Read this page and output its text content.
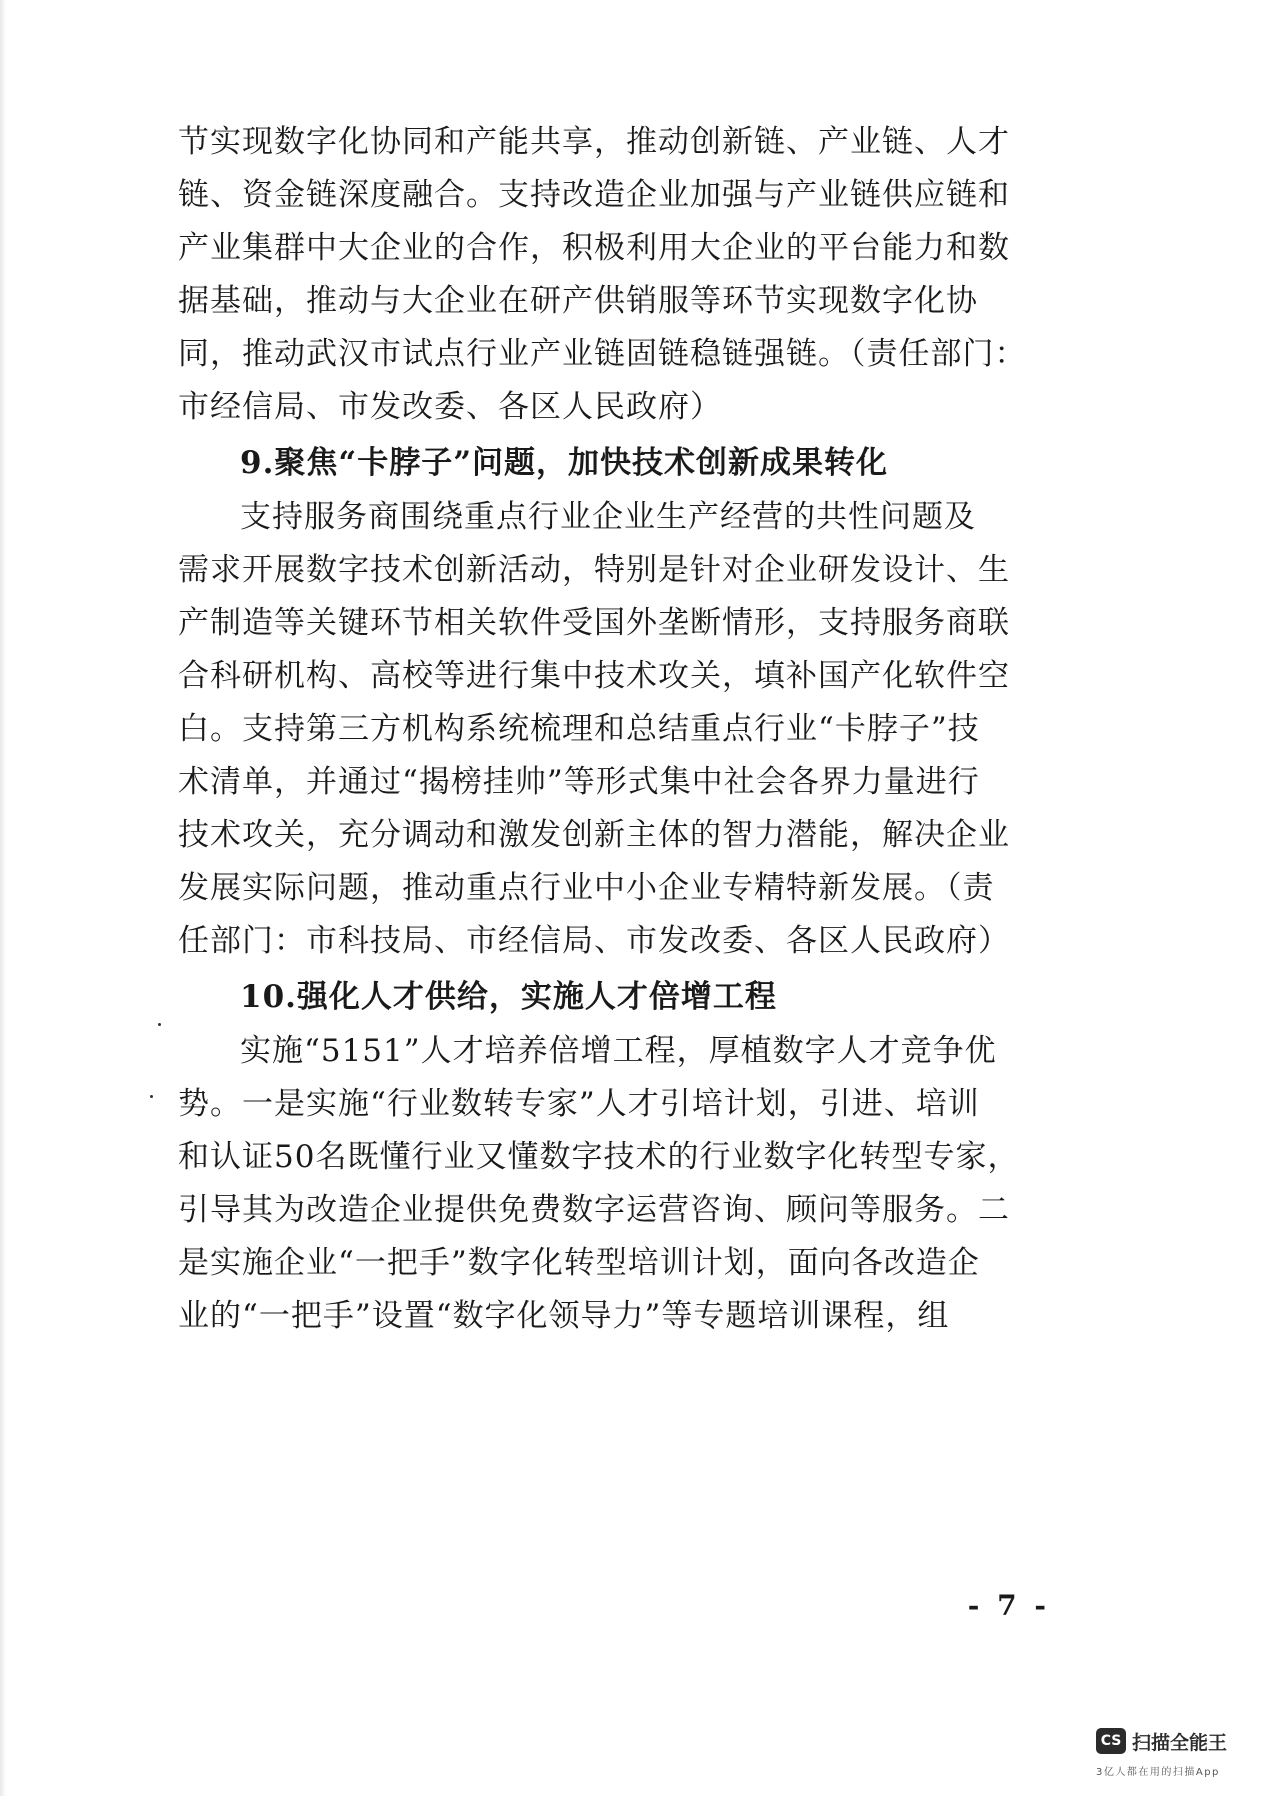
节实现数字化协同和产能共享，推动创新链、产业链、人才
链、资金链深度融合。支持改造企业加强与产业链供应链和
产业集群中大企业的合作，积极利用大企业的平台能力和数
据基础，推动与大企业在研产供销服等环节实现数字化协
同，推动武汉市试点行业产业链固链稳链强链。（责任部门：
市经信局、市发改委、各区人民政府）
9.聚焦“卡脖子”问题，加快技术创新成果转化
支持服务商围绕重点行业企业生产经营的共性问题及
需求开展数字技术创新活动，特别是针对企业研发设计、生
产制造等关键环节相关软件受国外垄断情形，支持服务商联
合科研机构、高校等进行集中技术攻关，填补国产化软件空
白。支持第三方机构系统梳理和总结重点行业“卡脖子”技
术清单，并通过“揭榜挂帅”等形式集中社会各界力量进行
技术攻关，充分调动和激发创新主体的智力潜能，解决企业
发展实际问题，推动重点行业中小企业专精特新发展。（责
任部门：市科技局、市经信局、市发改委、各区人民政府）
10.强化人才供给，实施人才倍增工程
实施“5151”人才培养倍增工程，厚植数字人才竞争优
势。一是实施“行业数转专家”人才引培计划，引进、培训
和认证50名既懂行业又懂数字技术的行业数字化转型专家，
引导其为改造企业提供免费数字运营咨询、顾问等服务。二
是实施企业“一把手”数字化转型培训计划，面向各改造企
业的“一把手”设置“数字化领导力”等专题培训课程，组
- 7 -
CS 扫描全能王
3亿人都在用的扫描App
